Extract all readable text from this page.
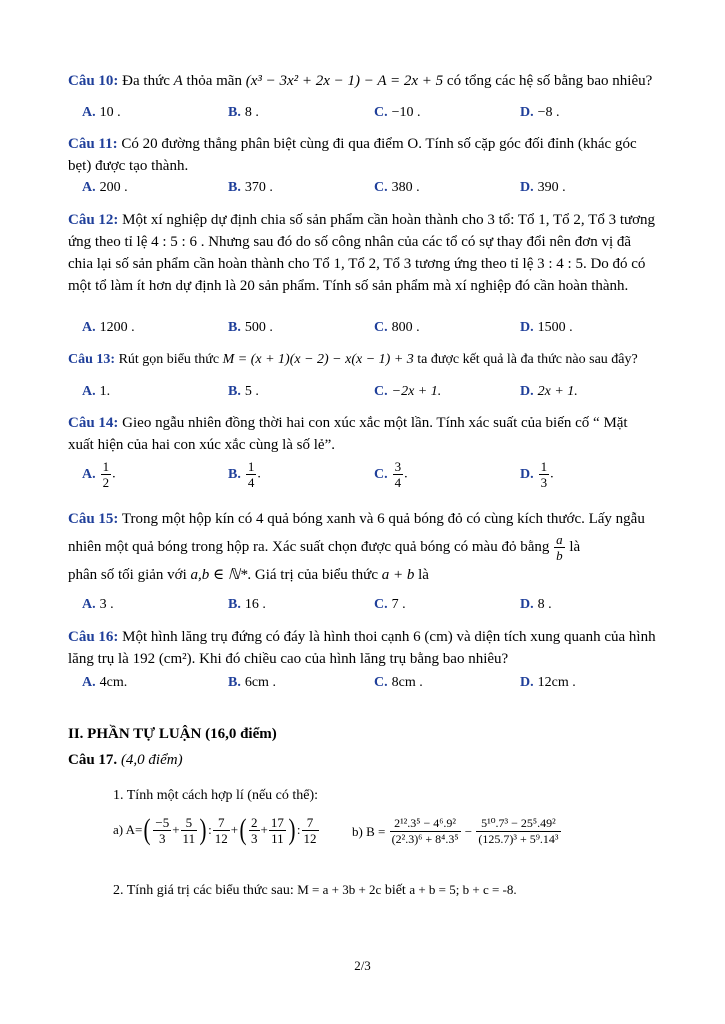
Câu 10: Đa thức A thỏa mãn (x³ − 3x² + 2x − 1) − A = 2x + 5 có tổng các hệ số bằng bao nhiêu?
A. 10 .	B. 8 .	C. −10 .	D. −8 .
Câu 11: Có 20 đường thẳng phân biệt cùng đi qua điểm O. Tính số cặp góc đối đỉnh (khác góc bẹt) được tạo thành.
A. 200 .	B. 370 .	C. 380 .	D. 390 .
Câu 12: Một xí nghiệp dự định chia số sản phẩm cần hoàn thành cho 3 tổ: Tổ 1, Tổ 2, Tổ 3 tương ứng theo tỉ lệ 4 : 5 : 6 . Nhưng sau đó do số công nhân của các tổ có sự thay đổi nên đơn vị đã chia lại số sản phẩm cần hoàn thành cho Tổ 1, Tổ 2, Tổ 3 tương ứng theo tỉ lệ 3 : 4 : 5. Do đó có một tổ làm ít hơn dự định là 20 sản phẩm. Tính số sản phẩm mà xí nghiệp đó cần hoàn thành.
A. 1200 .	B. 500 .	C. 800 .	D. 1500 .
Câu 13: Rút gọn biểu thức M = (x + 1)(x − 2) − x(x − 1) + 3 ta được kết quả là đa thức nào sau đây?
A. 1.	B. 5 .	C. −2x + 1.	D. 2x + 1.
Câu 14: Gieo ngẫu nhiên đồng thời hai con xúc xắc một lần. Tính xác suất của biến cố “ Mặt xuất hiện của hai con xúc xắc cùng là số lẻ”.
A. $\frac{1}{2}$ .	B. $\frac{1}{4}$ .	C. $\frac{3}{4}$ .	D. $\frac{1}{3}$ .
Câu 15: Trong một hộp kín có 4 quả bóng xanh và 6 quả bóng đỏ có cùng kích thước. Lấy ngẫu nhiên một quả bóng trong hộp ra. Xác suất chọn được quả bóng có màu đỏ bằng $\frac{a}{b}$ là
phân số tối giản với a,b ∈ ℕ*. Giá trị của biểu thức a + b là
A. 3 .	B. 16 .	C. 7 .	D. 8 .
Câu 16: Một hình lăng trụ đứng có đáy là hình thoi cạnh 6 (cm) và diện tích xung quanh của hình lăng trụ là 192 (cm²). Khi đó chiều cao của hình lăng trụ bằng bao nhiêu?
A. 4cm.	B. 6cm .	C. 8cm .	D. 12cm .
II. PHẦN TỰ LUẬN (16,0 điểm)
Câu 17. (4,0 điểm)
1. Tính một cách hợp lí (nếu có thể):
a) A= ( $\frac{-5}{3} + \frac{5}{11}$ ) : $\frac{7}{12}$ + ( $\frac{2}{3} + \frac{17}{11}$ ) : $\frac{7}{12}$	b) B =
$\frac{\text{2¹².3⁵ − 4⁶.9²}}{\text{(2².3)⁶ + 8⁴.3⁵}} - \frac{\text{5¹⁰.7³ − 25⁵.49²}}{\text{(125.7)³ + 5⁹.14³}}$
2. Tính giá trị các biểu thức sau: M = a + 3b + 2c biết a + b = 5; b + c = -8.
2/3
